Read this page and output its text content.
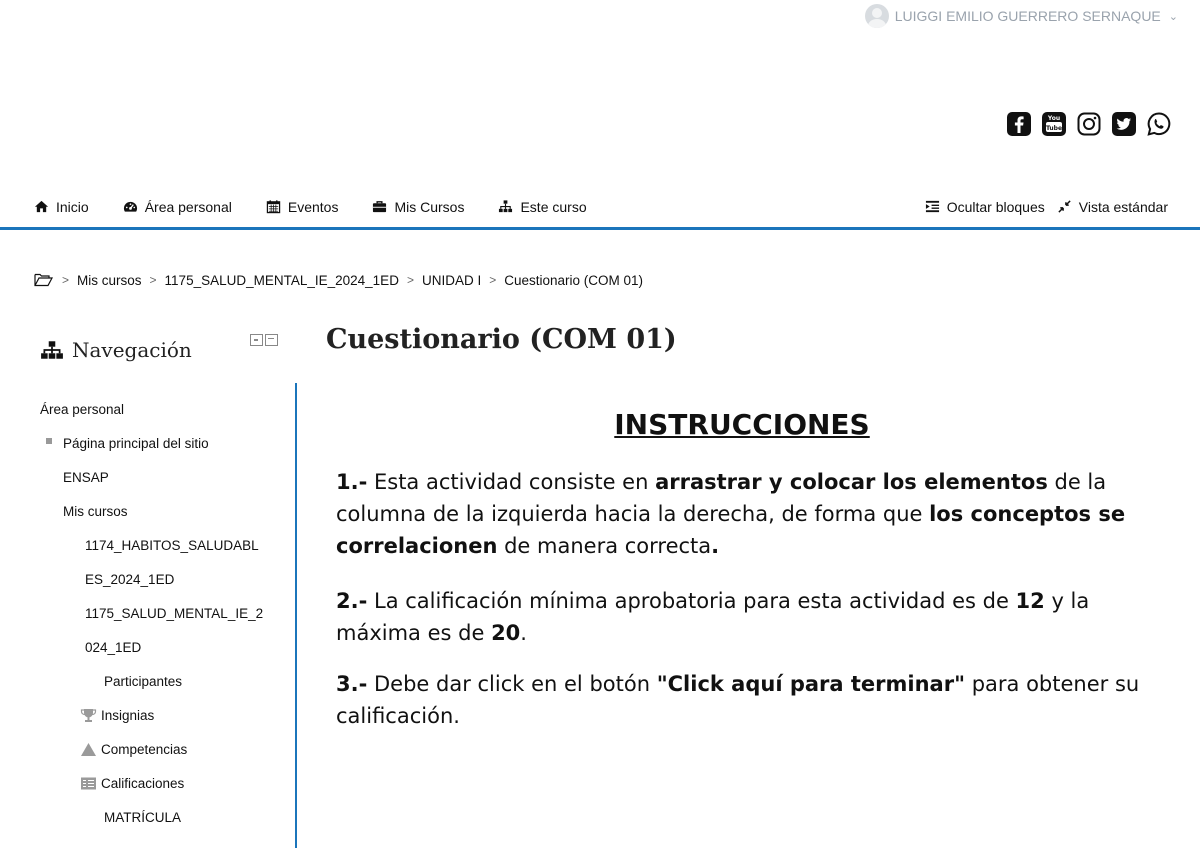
LUIGGI EMILIO GUERRERO SERNAQUE ⌄
You
Tube
Inicio	Área personal	Eventos	Mis Cursos	Este curso	Ocultar bloques Vista estándar
> Mis cursos > 1175_SALUD_MENTAL_IE_2024_1ED > UNIDAD I > Cuestionario (COM 01)
Navegación
Área personal
Página principal del sitio
ENSAP
Mis cursos
1174_HABITOS_SALUDABL
ES_2024_1ED
1175_SALUD_MENTAL_IE_2
024_1ED
Participantes
Insignias
Competencias
Calificaciones
MATRÍCULA
Cuestionario (COM 01)
INSTRUCCIONES
1.- Esta actividad consiste en arrastrar y colocar los elementos de la columna de la izquierda hacia la derecha, de forma que los conceptos se correlacionen de manera correcta.
2.- La calificación mínima aprobatoria para esta actividad es de 12 y la máxima es de 20.
3.- Debe dar click en el botón "Click aquí para terminar" para obtener su calificación.
